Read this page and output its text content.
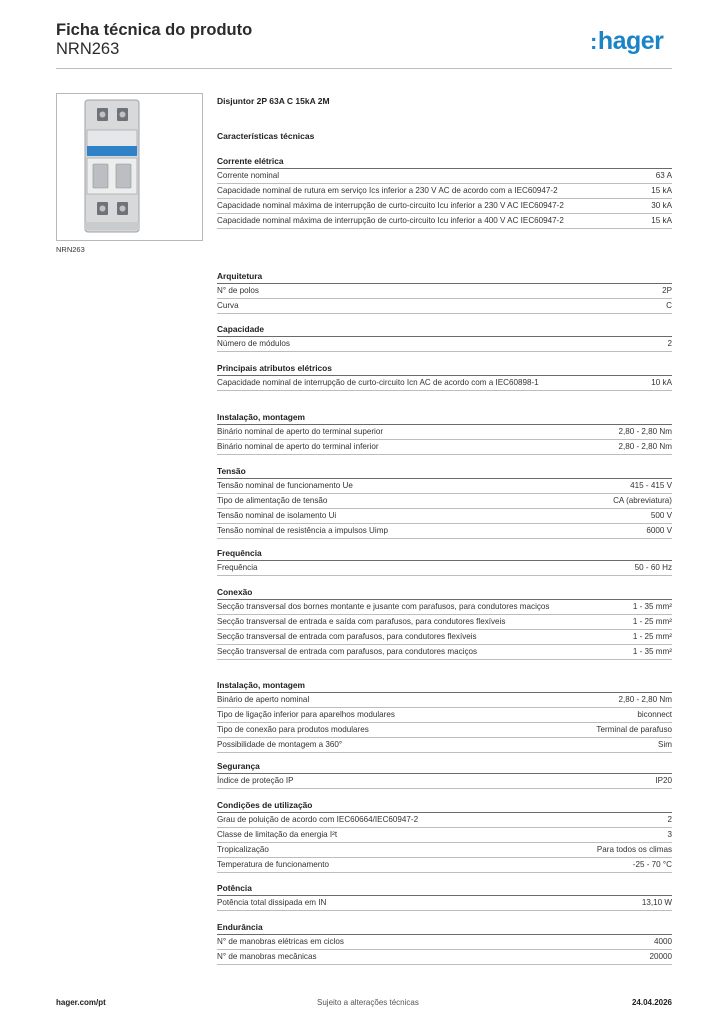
Ficha técnica do produto
NRN263	:hager
NRN263
Disjuntor 2P 63A C 15kA 2M
Características técnicas
Corrente elétrica
Corrente nominal	63 A
Capacidade nominal de rutura em serviço Ics inferior a 230 V AC de acordo com a IEC60947-2	15 kA
Capacidade nominal máxima de interrupção de curto-circuito Icu inferior a 230 V AC IEC60947-2	30 kA
Capacidade nominal máxima de interrupção de curto-circuito Icu inferior a 400 V AC IEC60947-2	15 kA
Arquitetura
N° de polos	2P
Curva	C
Capacidade
Número de módulos	2
Principais atributos elétricos
Capacidade nominal de interrupção de curto-circuito Icn AC de acordo com a IEC60898-1	10 kA
Instalação, montagem
Binário nominal de aperto do terminal superior	2,80 - 2,80 Nm
Binário nominal de aperto do terminal inferior	2,80 - 2,80 Nm
Tensão
Tensão nominal de funcionamento Ue	415 - 415 V
Tipo de alimentação de tensão	CA (abreviatura)
Tensão nominal de isolamento Ui	500 V
Tensão nominal de resistência a impulsos Uimp	6000 V
Frequência
Frequência	50 - 60 Hz
Conexão
Secção transversal dos bornes montante e jusante com parafusos, para condutores maciços	1 - 35 mm²
Secção transversal de entrada e saída com parafusos, para condutores flexíveis	1 - 25 mm²
Secção transversal de entrada com parafusos, para condutores flexíveis	1 - 25 mm²
Secção transversal de entrada com parafusos, para condutores maciços	1 - 35 mm²
Instalação, montagem
Binário de aperto nominal	2,80 - 2,80 Nm
Tipo de ligação inferior para aparelhos modulares	biconnect
Tipo de conexão para produtos modulares	Terminal de parafuso
Possibilidade de montagem a 360°	Sim
Segurança
Índice de proteção IP	IP20
Condições de utilização
Grau de poluição de acordo com IEC60664/IEC60947-2	2
Classe de limitação da energia I²t	3
Tropicalização	Para todos os climas
Temperatura de funcionamento	-25 - 70 °C
Potência
Potência total dissipada em IN	13,10 W
Endurância
N° de manobras elétricas em ciclos	4000
N° de manobras mecânicas	20000
hager.com/pt	Sujeito a alterações técnicas	24.04.2026
